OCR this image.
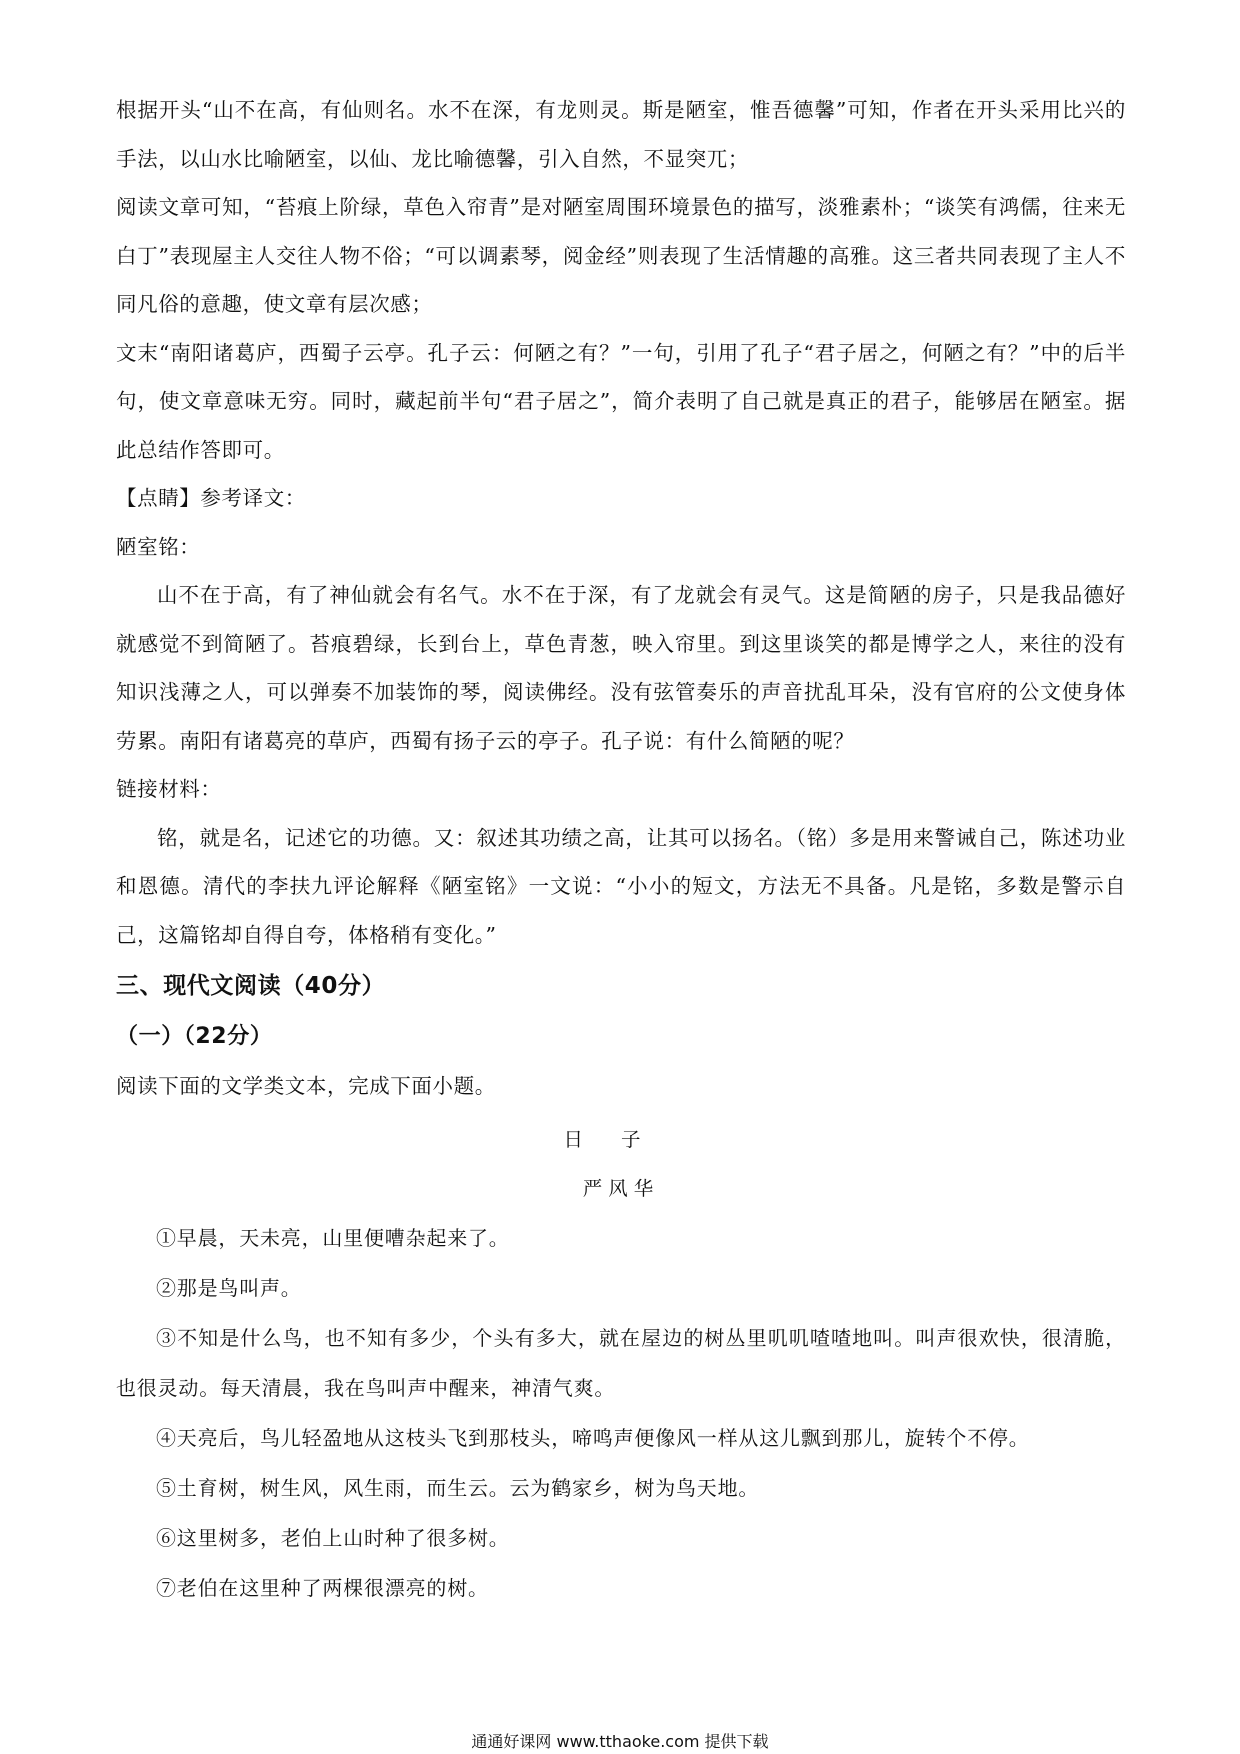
根据开头“山不在高，有仙则名。水不在深，有龙则灵。斯是陋室，惟吾德馨”可知，作者在开头采用比兴的手法，以山水比喻陋室，以仙、龙比喻德馨，引入自然，不显突兀；

阅读文章可知，“苔痕上阶绿，草色入帘青”是对陋室周围环境景色的描写，淡雅素朴；“谈笑有鸿儒，往来无白丁”表现屋主人交往人物不俗；“可以调素琴，阅金经”则表现了生活情趣的高雅。这三者共同表现了主人不同凡俗的意趣，使文章有层次感；

文末“南阳诸葛庐，西蜀子云亭。孔子云：何陋之有？”一句，引用了孔子“君子居之，何陋之有？”中的后半句，使文章意味无穷。同时，藏起前半句“君子居之”，简介表明了自己就是真正的君子，能够居在陋室。据此总结作答即可。

【点睛】参考译文：

陋室铭：

山不在于高，有了神仙就会有名气。水不在于深，有了龙就会有灵气。这是简陋的房子，只是我品德好就感觉不到简陋了。苔痕碧绿，长到台上，草色青葱，映入帘里。到这里谈笑的都是博学之人，来往的没有知识浅薄之人，可以弹奏不加装饰的琴，阅读佛经。没有弦管奏乐的声音扰乱耳朵，没有官府的公文使身体劳累。南阳有诸葛亮的草庐，西蜀有扬子云的亭子。孔子说：有什么简陋的呢？

链接材料：

铭，就是名，记述它的功德。又：叙述其功绩之高，让其可以扬名。（铭）多是用来警诫自己，陈述功业和恩德。清代的李扶九评论解释《陋室铭》一文说：“小小的短文，方法无不具备。凡是铭，多数是警示自己，这篇铭却自得自夸，体格稍有变化。”

三、现代文阅读（40分）

（一）（22分）

阅读下面的文学类文本，完成下面小题。

日子

严风华

①早晨，天未亮，山里便嘈杂起来了。

②那是鸟叫声。

③不知是什么鸟，也不知有多少，个头有多大，就在屋边的树丛里叽叽喳喳地叫。叫声很欢快，很清脆，也很灵动。每天清晨，我在鸟叫声中醒来，神清气爽。

④天亮后，鸟儿轻盈地从这枝头飞到那枝头，啼鸣声便像风一样从这儿飘到那儿，旋转个不停。

⑤土育树，树生风，风生雨，而生云。云为鹤家乡，树为鸟天地。

⑥这里树多，老伯上山时种了很多树。

⑦老伯在这里种了两棵很漂亮的树。

通通好课网 www.tthaoke.com 提供下载
